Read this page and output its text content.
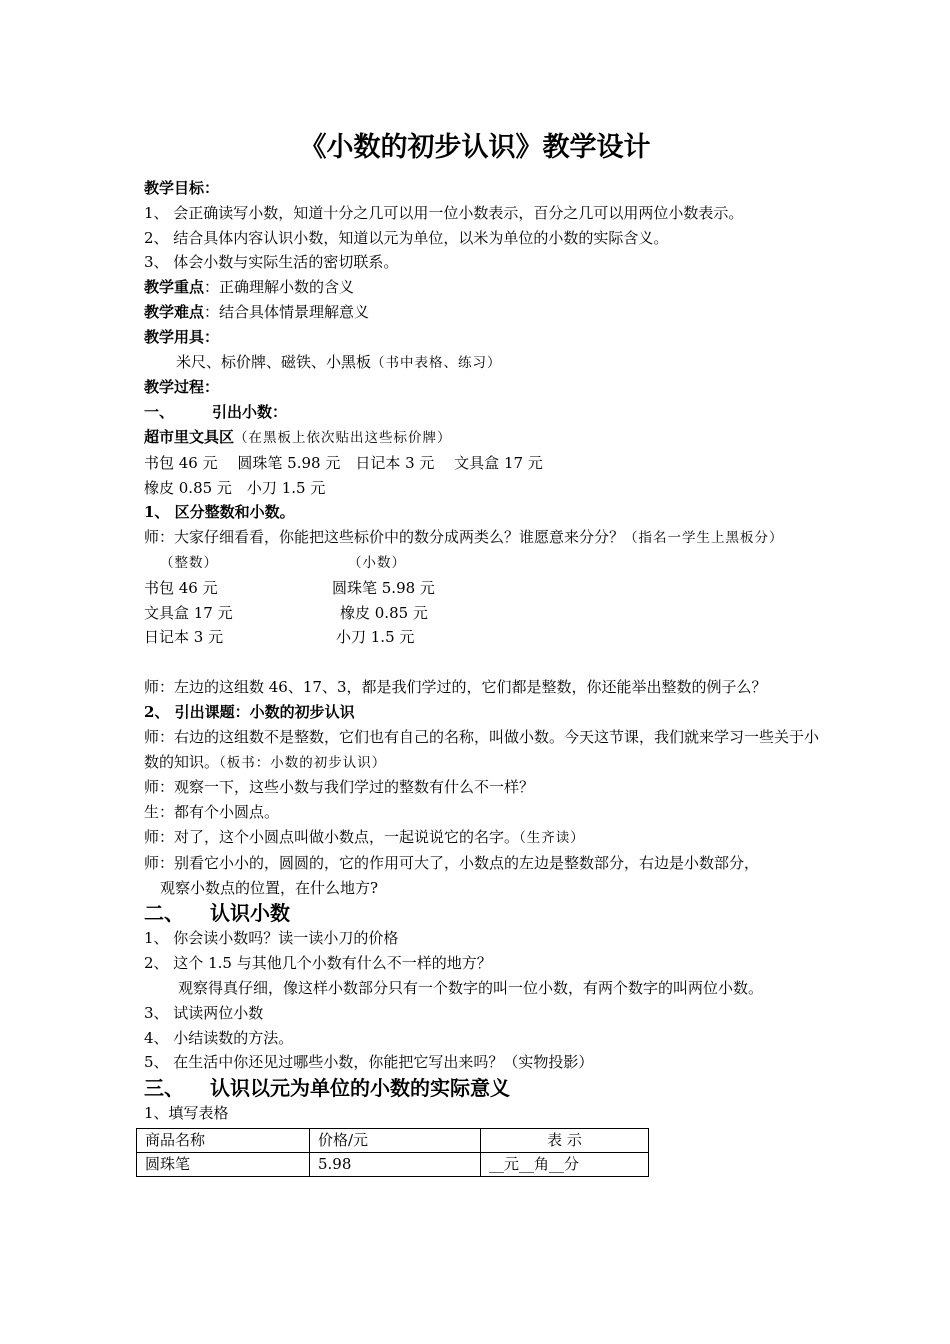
《小数的初步认识》教学设计
教学目标：
1、 会正确读写小数，知道十分之几可以用一位小数表示，百分之几可以用两位小数表示。
2、 结合具体内容认识小数，知道以元为单位，以米为单位的小数的实际含义。
3、 体会小数与实际生活的密切联系。
教学重点：正确理解小数的含义
教学难点：结合具体情景理解意义
教学用具：
米尺、标价牌、磁铁、小黑板（书中表格、练习）
教学过程：
一、	引出小数：
超市里文具区（在黑板上依次贴出这些标价牌）
书包 46 元　 圆珠笔 5.98 元　日记本 3 元　 文具盒 17 元
橡皮 0.85 元　小刀 1.5 元
1、 区分整数和小数。
师：大家仔细看看，你能把这些标价中的数分成两类么？谁愿意来分分？（指名一学生上黑板分）
（整数）	（小数）
书包 46 元	圆珠笔 5.98 元
文具盒 17 元	橡皮 0.85 元
日记本 3 元	小刀 1.5 元
师：左边的这组数 46、17、3，都是我们学过的，它们都是整数，你还能举出整数的例子么？
2、 引出课题：小数的初步认识
师：右边的这组数不是整数，它们也有自己的名称，叫做小数。今天这节课，我们就来学习一些关于小数的知识。（板书：小数的初步认识）
师：观察一下，这些小数与我们学过的整数有什么不一样？
生：都有个小圆点。
师：对了，这个小圆点叫做小数点，一起说说它的名字。（生齐读）
师：别看它小小的，圆圆的，它的作用可大了，小数点的左边是整数部分，右边是小数部分，
观察小数点的位置，在什么地方?
二、 认识小数
1、 你会读小数吗？读一读小刀的价格
2、 这个 1.5 与其他几个小数有什么不一样的地方？
观察得真仔细，像这样小数部分只有一个数字的叫一位小数，有两个数字的叫两位小数。
3、 试读两位小数
4、 小结读数的方法。
5、 在生活中你还见过哪些小数，你能把它写出来吗？（实物投影）
三、 认识以元为单位的小数的实际意义
1、填写表格
商品名称	价格/元	表 示
圆珠笔	5.98	__元__角__分
